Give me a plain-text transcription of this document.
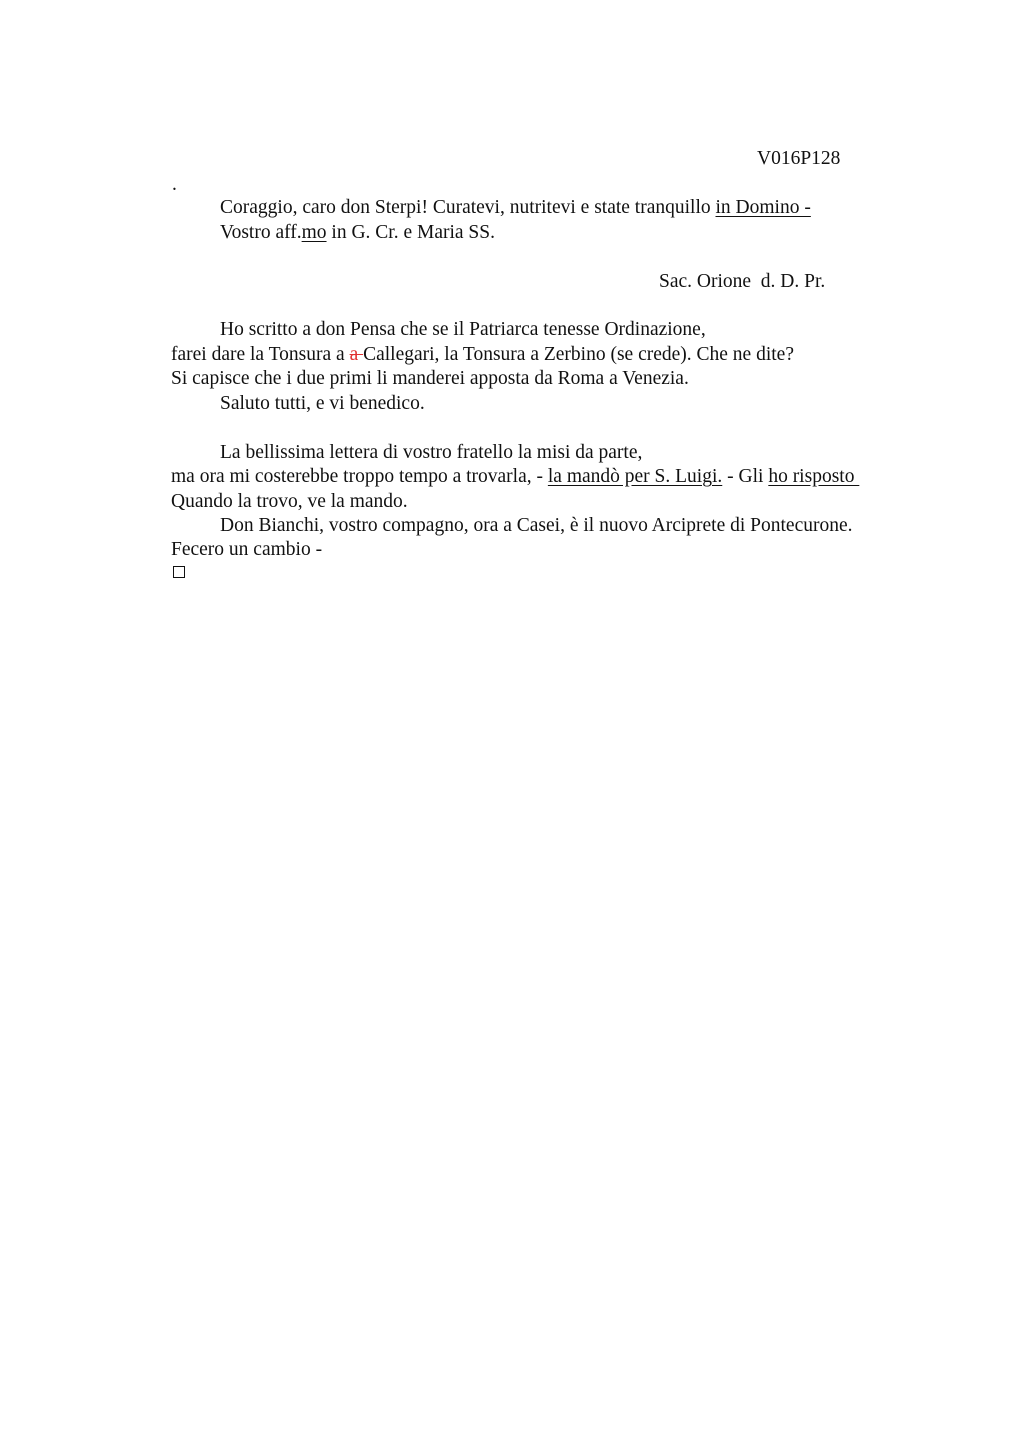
V016P128
.
Coraggio, caro don Sterpi! Curatevi, nutritevi e state tranquillo in Domino -
Vostro aff.mo in G. Cr. e Maria SS.
Sac. Orione  d. D. Pr.
Ho scritto a don Pensa che se il Patriarca tenesse Ordinazione,
farei dare la Tonsura a a Callegari, la Tonsura a Zerbino (se crede). Che ne dite?
Si capisce che i due primi li manderei apposta da Roma a Venezia.
Saluto tutti, e vi benedico.
La bellissima lettera di vostro fratello la misi da parte,
ma ora mi costerebbe troppo tempo a trovarla, - la mandò per S. Luigi. - Gli ho risposto
Quando la trovo, ve la mando.
Don Bianchi, vostro compagno, ora a Casei, è il nuovo Arciprete di Pontecurone.
Fecero un cambio -
